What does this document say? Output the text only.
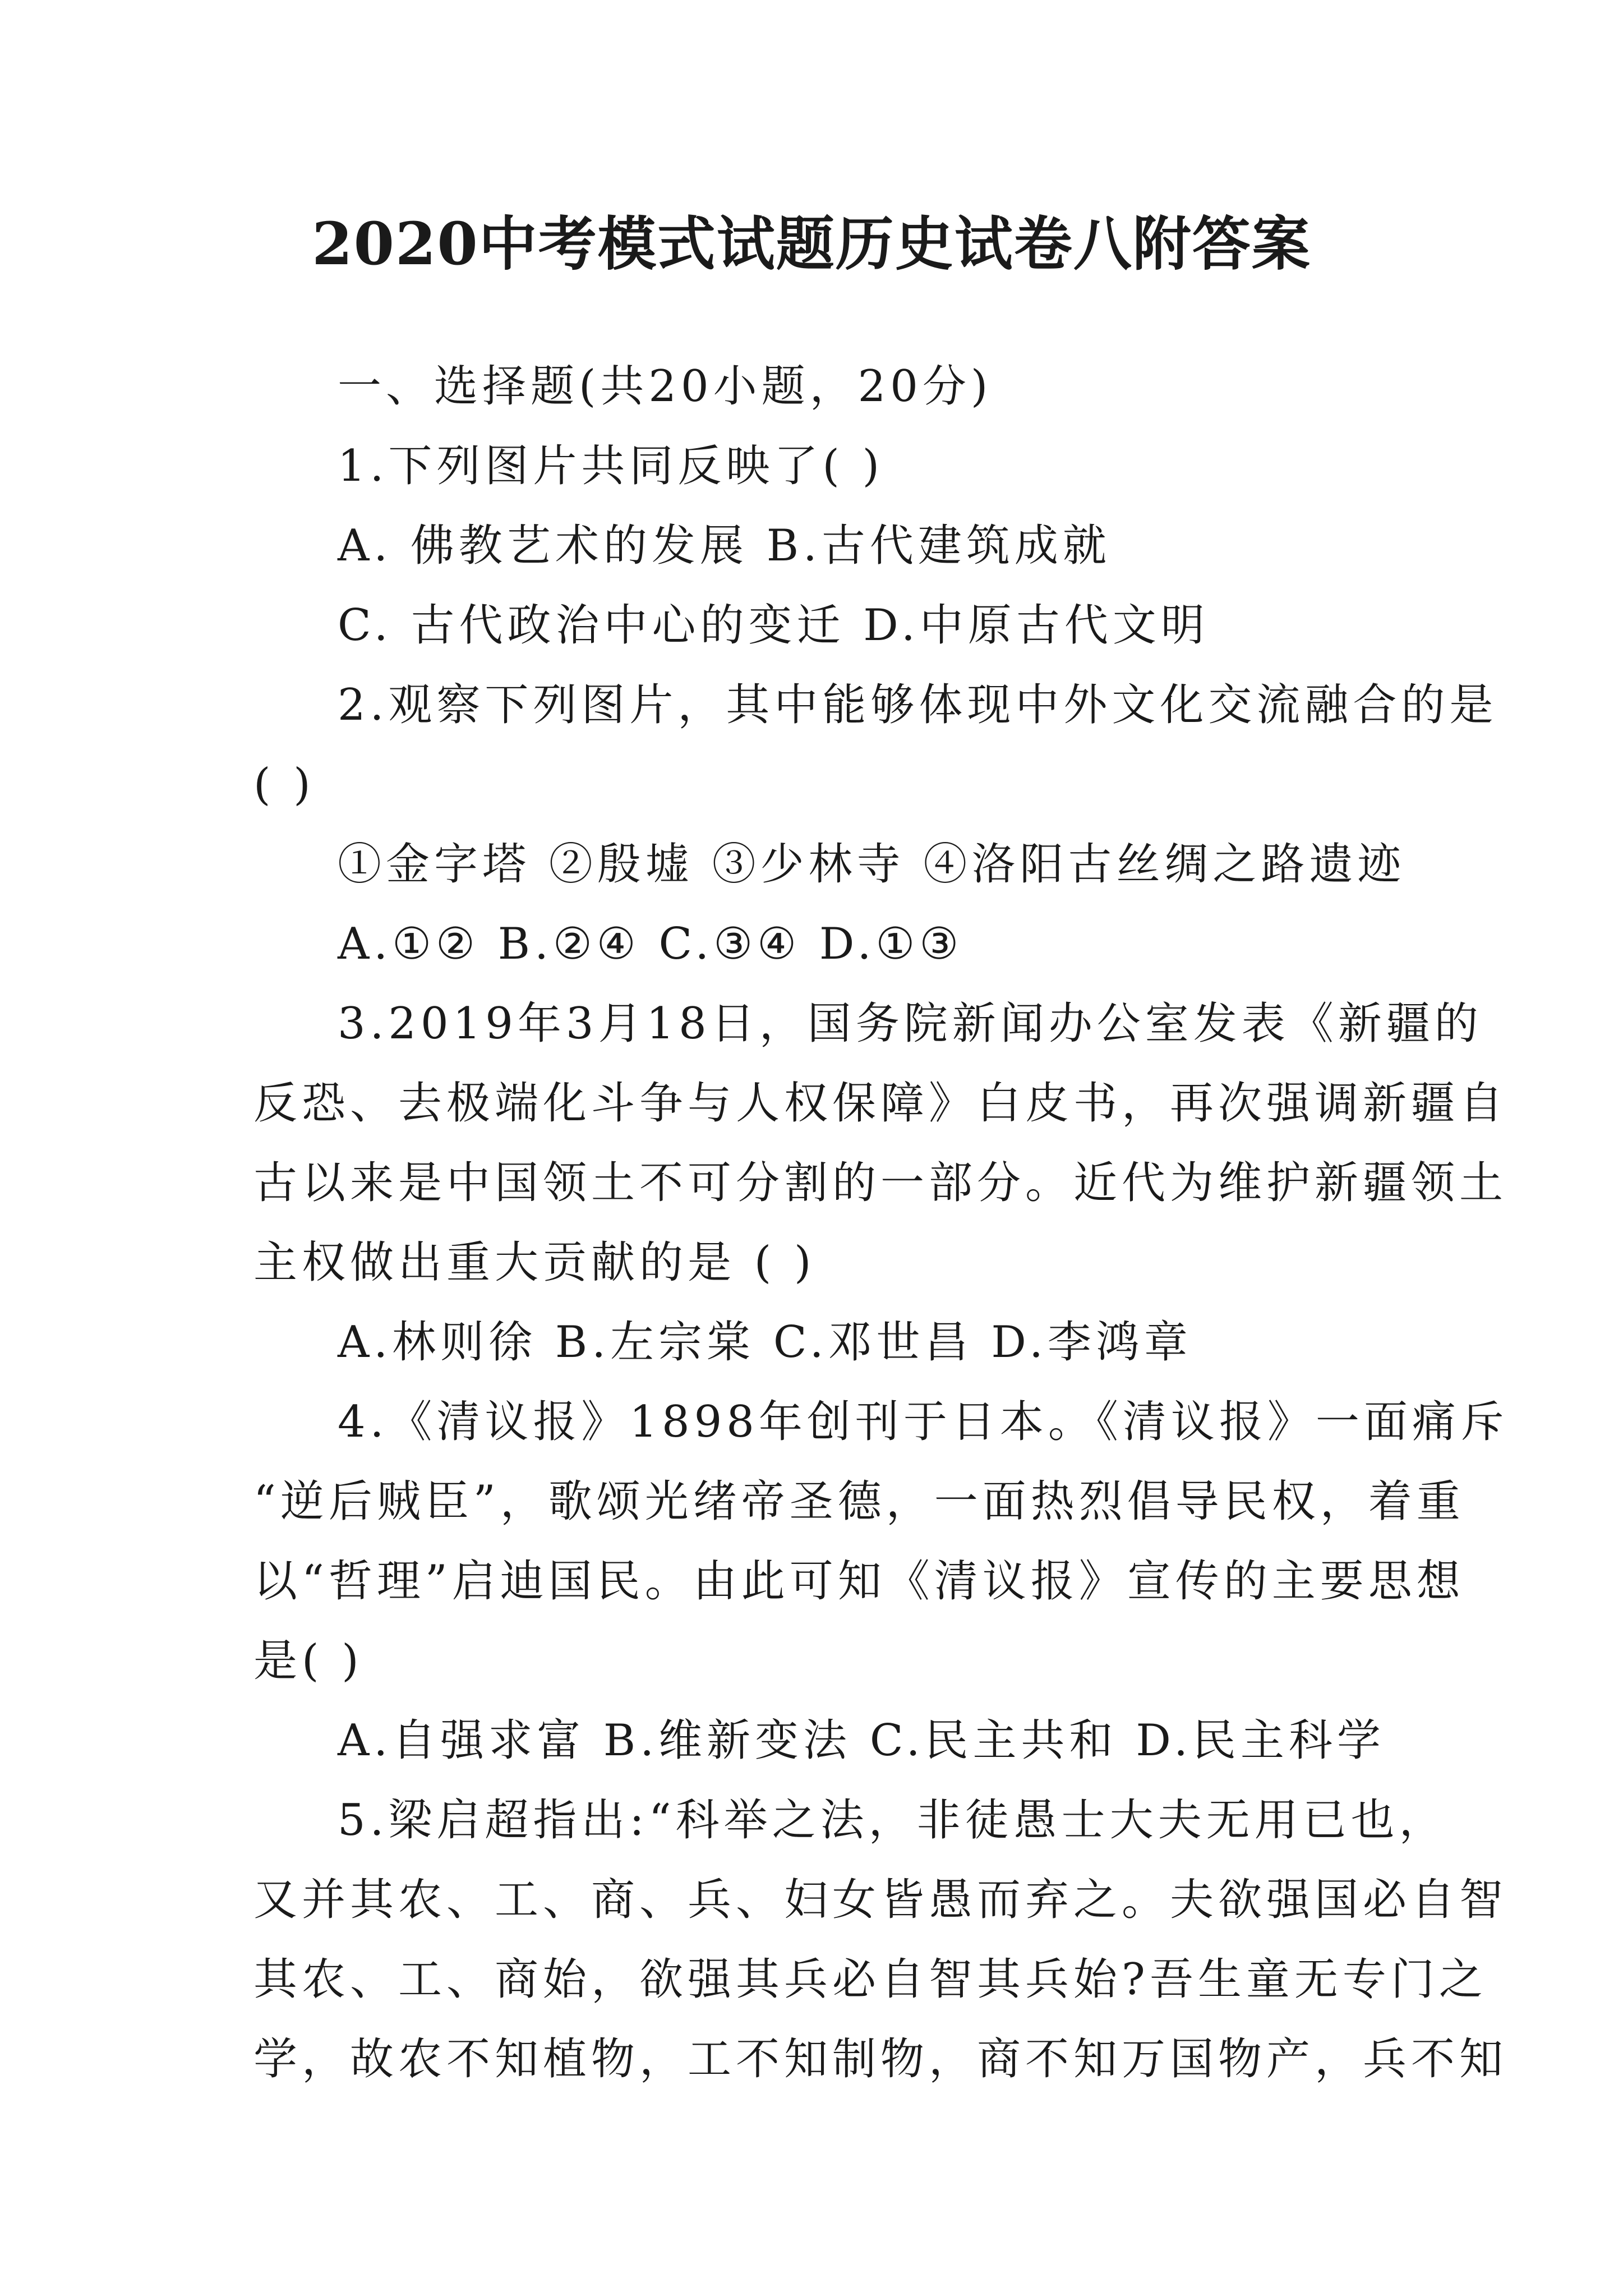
2020中考模式试题历史试卷八附答案
一、选择题(共20小题，20分)
1.下列图片共同反映了( )
A. 佛教艺术的发展 B.古代建筑成就
C. 古代政治中心的变迁 D.中原古代文明
2.观察下列图片，其中能够体现中外文化交流融合的是
( )
①金字塔 ②殷墟 ③少林寺 ④洛阳古丝绸之路遗迹
A.①② B.②④ C.③④ D.①③
3.2019年3月18日，国务院新闻办公室发表《新疆的
反恐、去极端化斗争与人权保障》白皮书，再次强调新疆自
古以来是中国领土不可分割的一部分。近代为维护新疆领土
主权做出重大贡献的是 ( )
A.林则徐 B.左宗棠 C.邓世昌 D.李鸿章
4.《清议报》1898年创刊于日本。《清议报》一面痛斥
“逆后贼臣”，歌颂光绪帝圣德，一面热烈倡导民权，着重
以“哲理”启迪国民。由此可知《清议报》宣传的主要思想
是( )
A.自强求富 B.维新变法 C.民主共和 D.民主科学
5.梁启超指出:“科举之法，非徒愚士大夫无用已也，
又并其农、工、商、兵、妇女皆愚而弃之。夫欲强国必自智
其农、工、商始，欲强其兵必自智其兵始?吾生童无专门之
学，故农不知植物，工不知制物，商不知万国物产，兵不知
